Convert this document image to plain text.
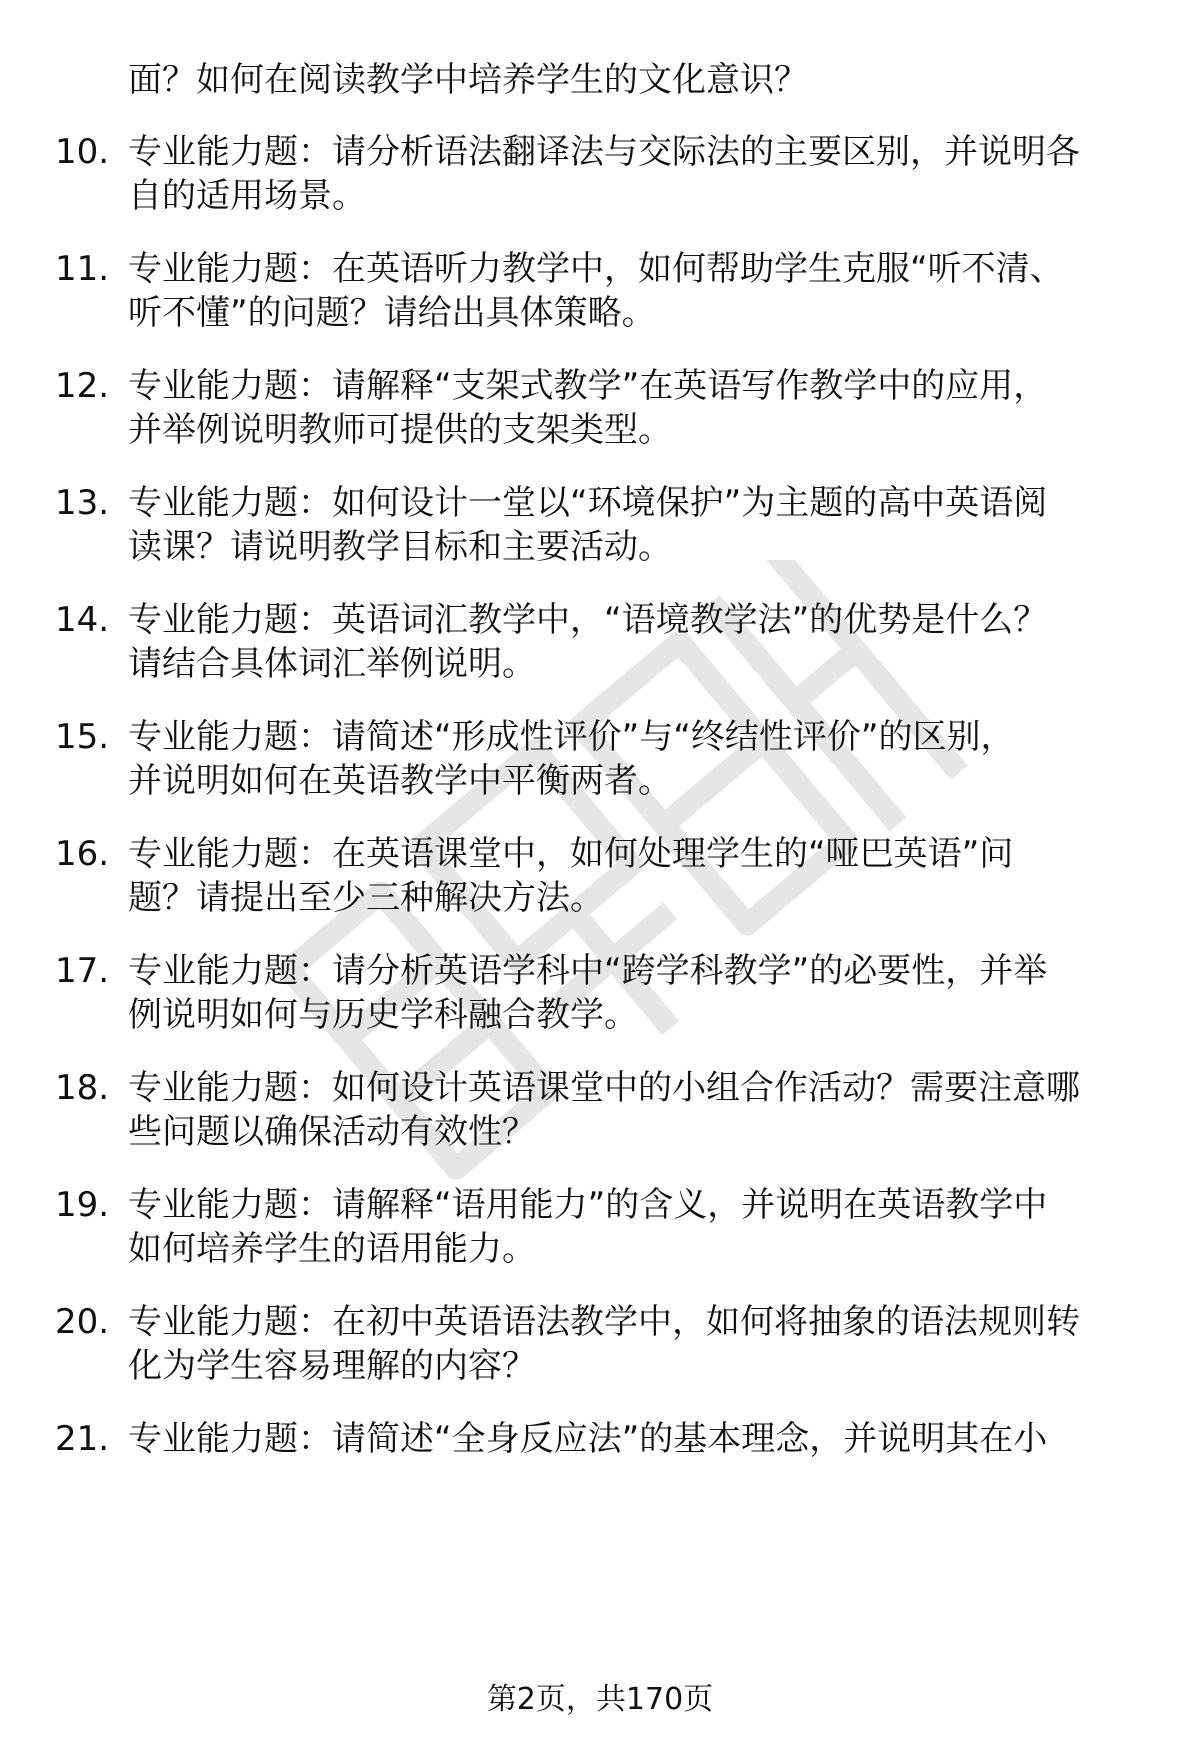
面？如何在阅读教学中培养学生的文化意识？
10. 专业能力题：请分析语法翻译法与交际法的主要区别，并说明各
自的适用场景。
11. 专业能力题：在英语听力教学中，如何帮助学生克服“听不清、
听不懂”的问题？请给出具体策略。
12. 专业能力题：请解释“支架式教学”在英语写作教学中的应用，
并举例说明教师可提供的支架类型。
13. 专业能力题：如何设计一堂以“环境保护”为主题的高中英语阅
读课？请说明教学目标和主要活动。
14. 专业能力题：英语词汇教学中，“语境教学法”的优势是什么？
请结合具体词汇举例说明。
15. 专业能力题：请简述“形成性评价”与“终结性评价”的区别，
并说明如何在英语教学中平衡两者。
16. 专业能力题：在英语课堂中，如何处理学生的“哑巴英语”问
题？请提出至少三种解决方法。
17. 专业能力题：请分析英语学科中“跨学科教学”的必要性，并举
例说明如何与历史学科融合教学。
18. 专业能力题：如何设计英语课堂中的小组合作活动？需要注意哪
些问题以确保活动有效性？
19. 专业能力题：请解释“语用能力”的含义，并说明在英语教学中
如何培养学生的语用能力。
20. 专业能力题：在初中英语语法教学中，如何将抽象的语法规则转
化为学生容易理解的内容？
21. 专业能力题：请简述“全身反应法”的基本理念，并说明其在小
第2页，共170页
